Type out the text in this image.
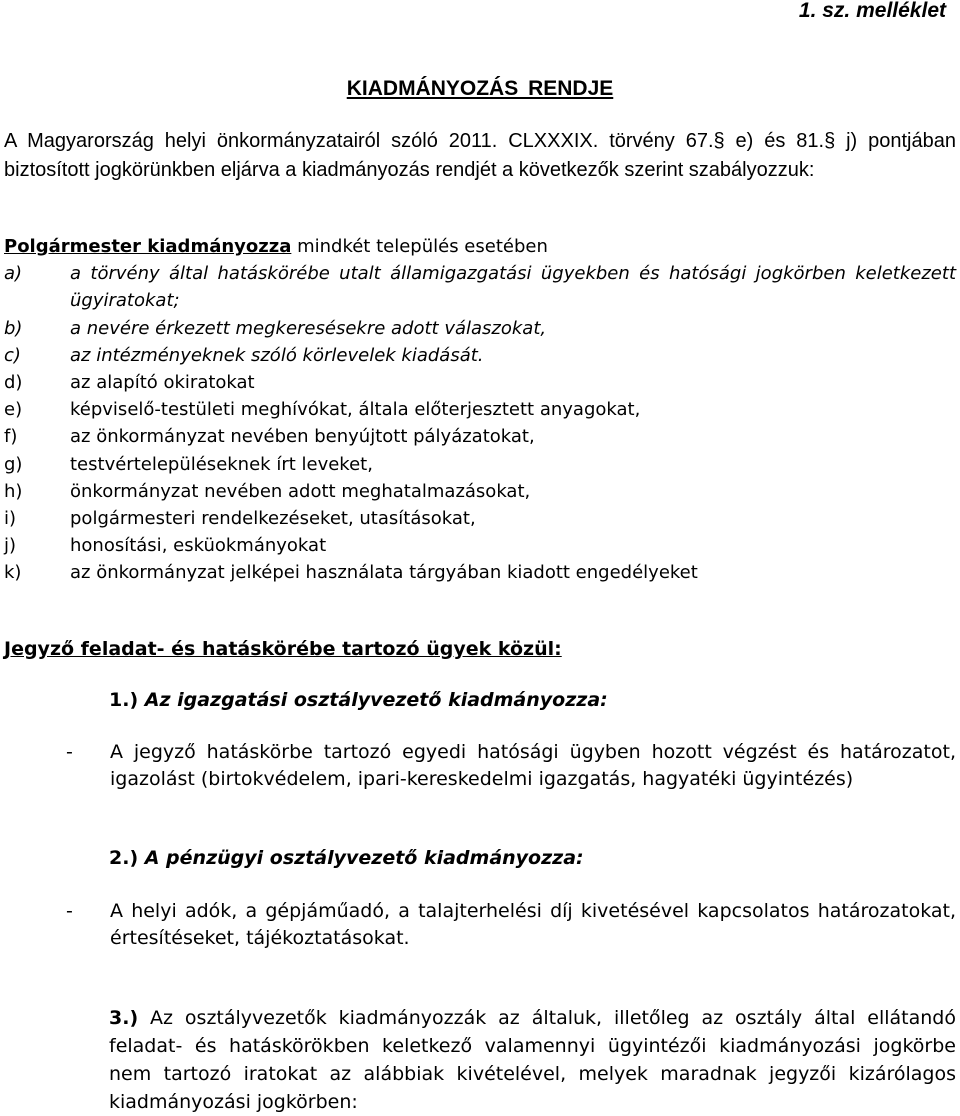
1. sz. melléklet
KIADMÁNYOZÁS RENDJE
A Magyarország helyi önkormányzatairól szóló 2011. CLXXXIX. törvény 67.§ e) és 81.§ j) pontjában biztosított jogkörünkben eljárva a kiadmányozás rendjét a következők szerint szabályozzuk:
Polgármester kiadmányozza mindkét település esetében
a)	a törvény által hatáskörébe utalt államigazgatási ügyekben és hatósági jogkörben keletkezett ügyiratokat;
b)	a nevére érkezett megkeresésekre adott válaszokat,
c)	az intézményeknek szóló körlevelek kiadását.
d)	az alapító okiratokat
e)	képviselő-testületi meghívókat, általa előterjesztett anyagokat,
f)	az önkormányzat nevében benyújtott pályázatokat,
g)	testvértelepüléseknek írt leveket,
h)	önkormányzat nevében adott meghatalmazásokat,
i)	polgármesteri rendelkezéseket, utasításokat,
j)	honosítási, esküokmányokat
k)	az önkormányzat jelképei használata tárgyában kiadott engedélyeket
Jegyző feladat- és hatáskörébe tartozó ügyek közül:
1.) Az igazgatási osztályvezető kiadmányozza:
- A jegyző hatáskörbe tartozó egyedi hatósági ügyben hozott végzést és határozatot, igazolást (birtokvédelem, ipari-kereskedelmi igazgatás, hagyatéki ügyintézés)
2.) A pénzügyi osztályvezető kiadmányozza:
- A helyi adók, a gépjáműadó, a talajterhelési díj kivetésével kapcsolatos határozatokat, értesítéseket, tájékoztatásokat.
3.) Az osztályvezetők kiadmányozzák az általuk, illetőleg az osztály által ellátandó feladat- és hatáskörökben keletkező valamennyi ügyintézői kiadmányozási jogkörbe nem tartozó iratokat az alábbiak kivételével, melyek maradnak jegyzői kizárólagos kiadmányozási jogkörben:
